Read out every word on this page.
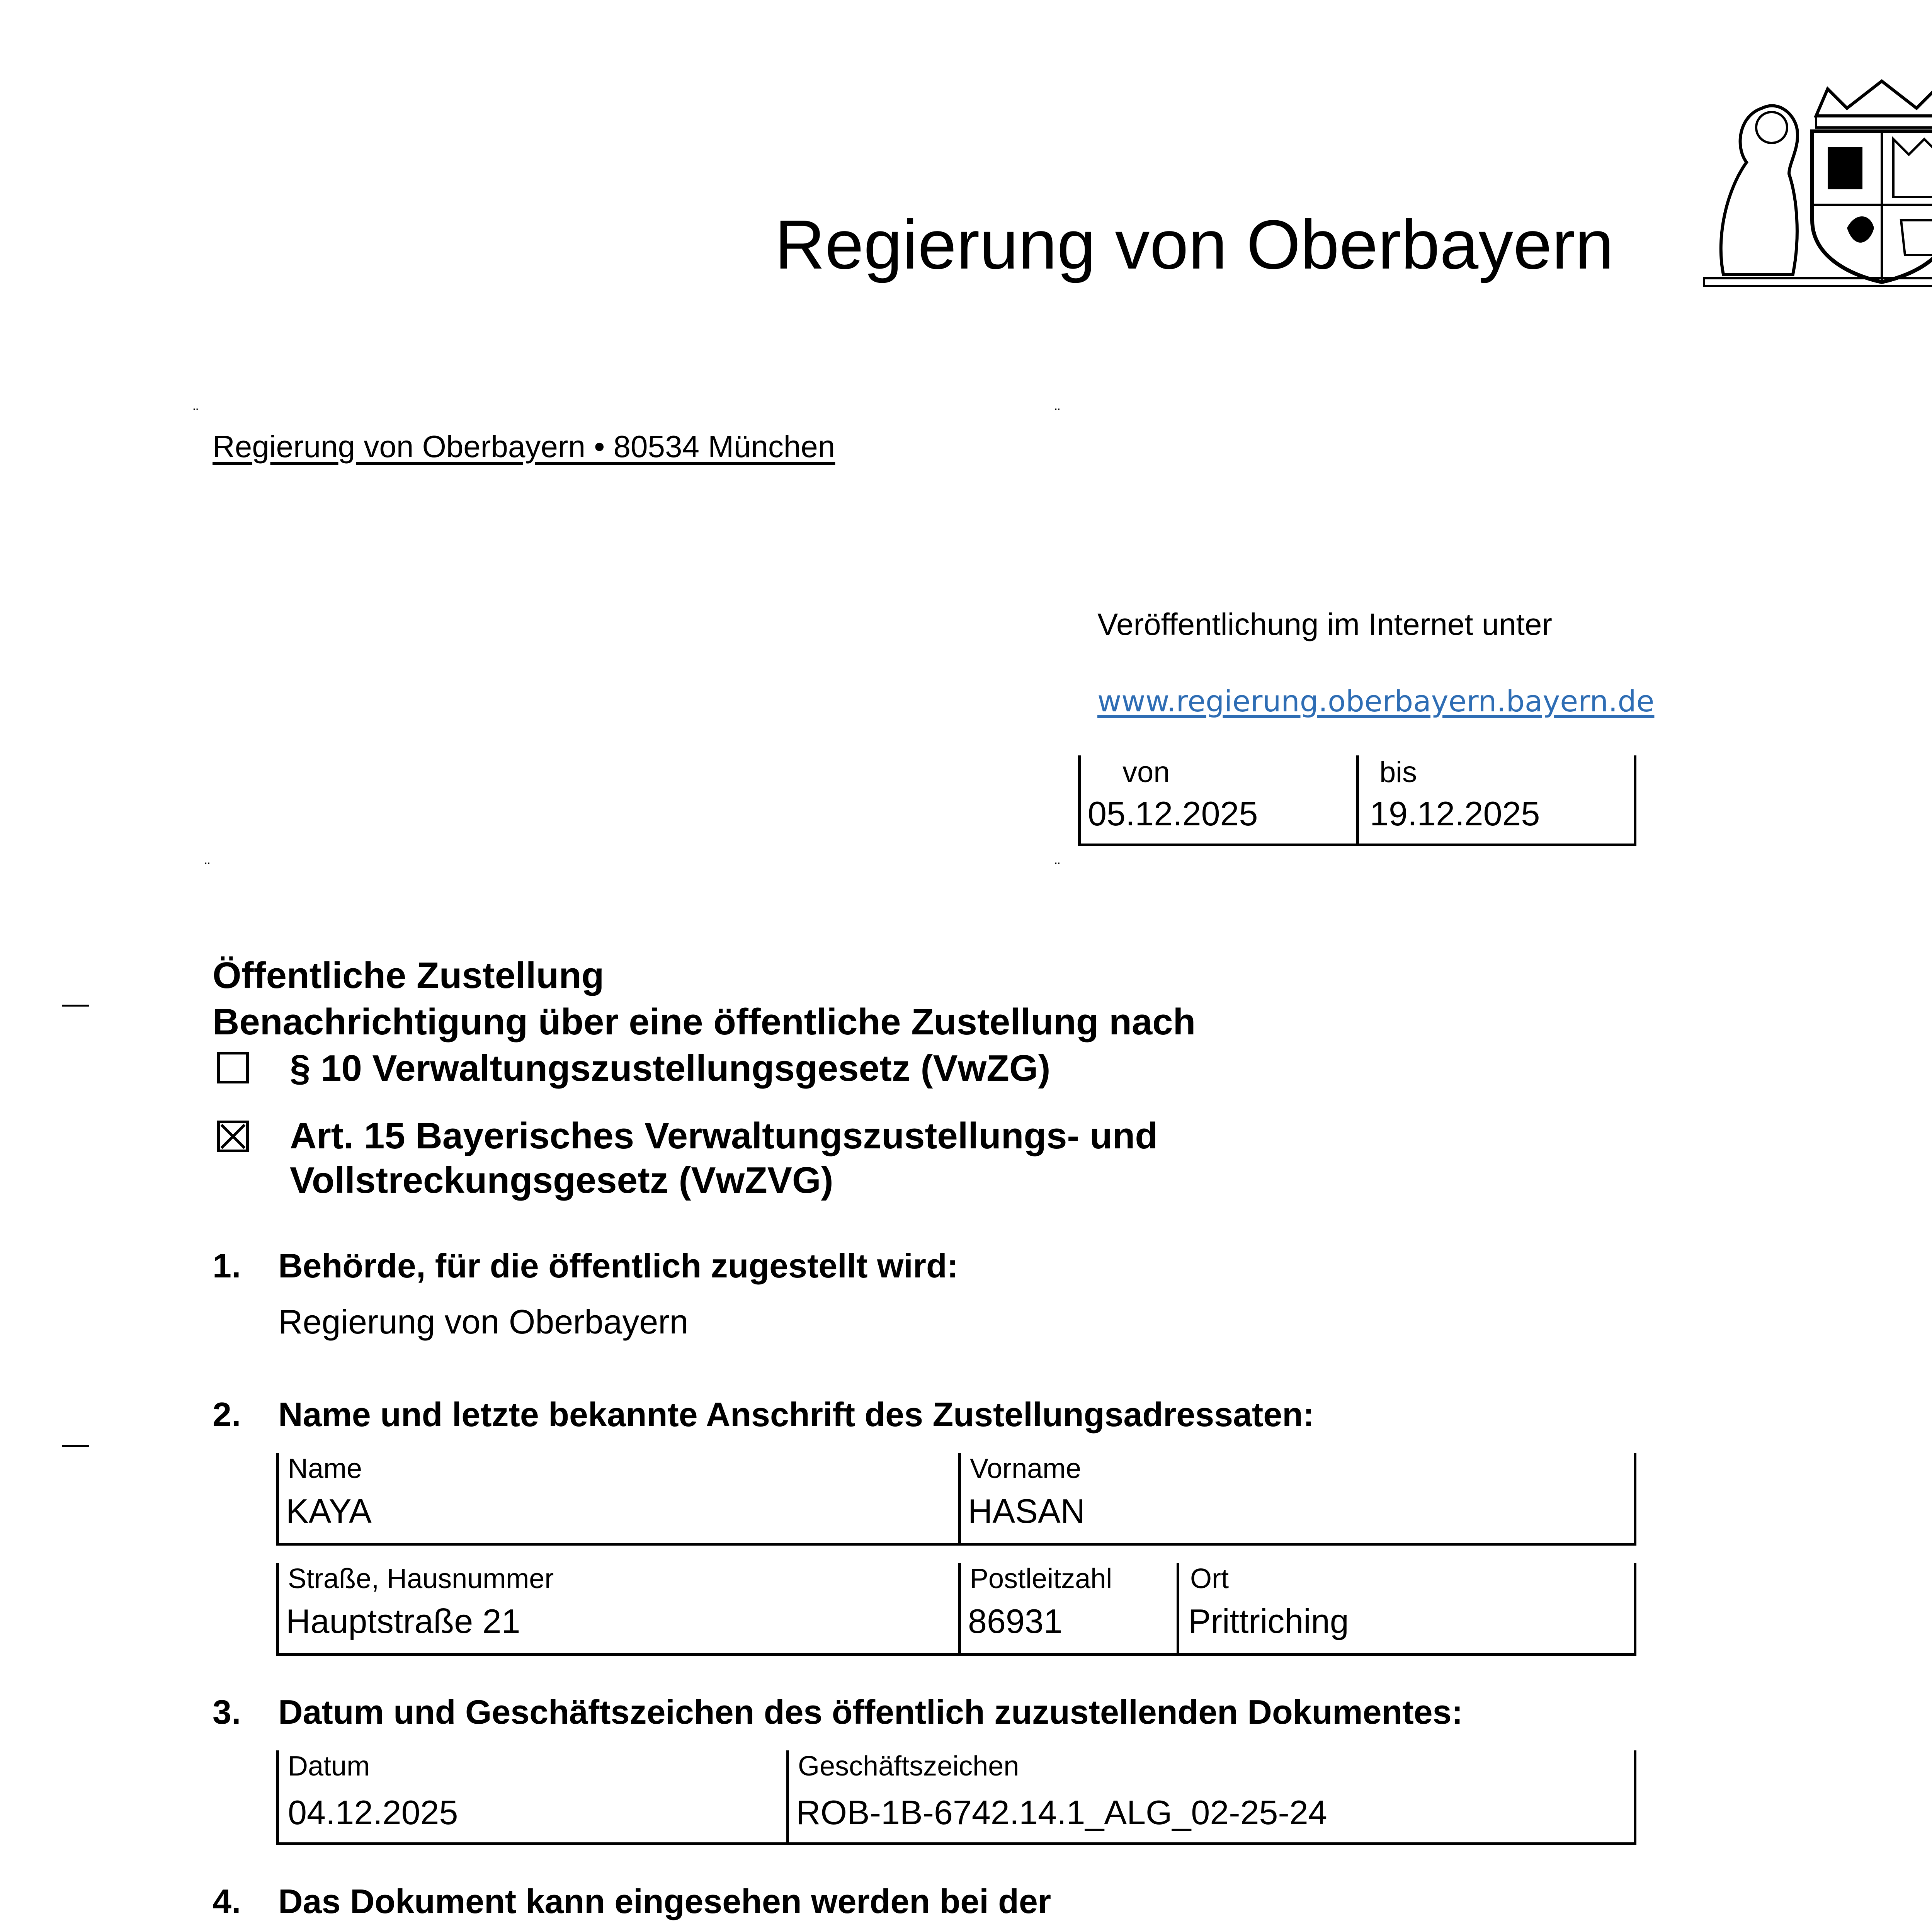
Regierung von Oberbayern
Regierung von Oberbayern • 80534 München
¨	¨
¨	¨
Veröffentlichung im Internet unter
www.regierung.oberbayern.bayern.de
von
05.12.2025
bis
19.12.2025
Öffentliche Zustellung
Benachrichtigung über eine öffentliche Zustellung nach
§ 10 Verwaltungszustellungsgesetz (VwZG)
Art. 15 Bayerisches Verwaltungszustellungs- und
Vollstreckungsgesetz (VwZVG)
1. Behörde, für die öffentlich zugestellt wird:
Regierung von Oberbayern
2. Name und letzte bekannte Anschrift des Zustellungsadressaten:
Name
KAYA
Vorname
HASAN
Straße, Hausnummer
Hauptstraße 21
Postleitzahl
86931
Ort
Prittriching
3. Datum und Geschäftszeichen des öffentlich zuzustellenden Dokumentes:
Datum
04.12.2025
Geschäftszeichen
ROB-1B-6742.14.1_ALG_02-25-24
4. Das Dokument kann eingesehen werden bei der
